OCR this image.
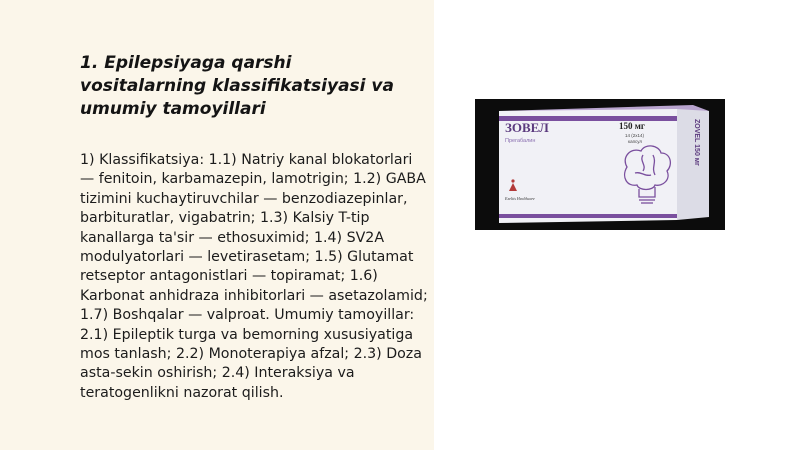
1. Epilepsiyaga qarshi vositalarning klassifikatsiyasi va umumiy tamoyillari

1) Klassifikatsiya: 1.1) Natriy kanal blokatorlari — fenitoin, karbamazepin, lamotrigin; 1.2) GABA tizimini kuchaytiruvchilar — benzodiazepinlar, barbituratlar, vigabatrin; 1.3) Kalsiy T-tip kanallarga ta'sir — ethosuximid; 1.4) SV2A modulyatorlari — levetirasetam; 1.5) Glutamat retseptor antagonistlari — topiramat; 1.6) Karbonat anhidraza inhibitorlari — asetazolamid; 1.7) Boshqalar — valproat. Umumiy tamoyillar: 2.1) Epileptik turga va bemorning xususiyatiga mos tanlash; 2.2) Monoterapiya afzal; 2.3) Doza asta-sekin oshirish; 2.4) Interaksiya va teratogenlikni nazorat qilish.

ЗОВЕЛ
Прегабалин
150 мг
14 (2х14)
капсул
Exeltis Healthcare
ZOVEL 150 мг
